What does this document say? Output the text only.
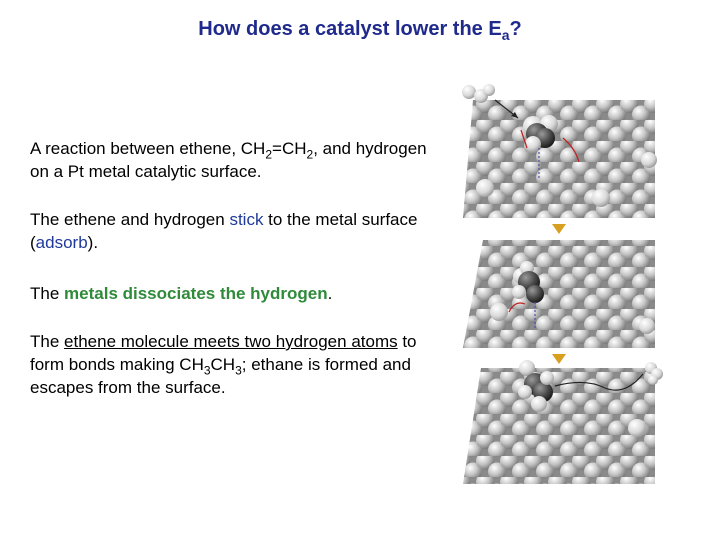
How does a catalyst lower the $E_a$?
A reaction between ethene, $CH_2=CH_2$, and hydrogen on a Pt metal catalytic surface.
The ethene and hydrogen stick to the metal surface (adsorb).
The metals dissociates the hydrogen.
The ethene molecule meets two hydrogen atoms to form bonds making $CH_3CH_3$; ethane is formed and escapes from the surface.
